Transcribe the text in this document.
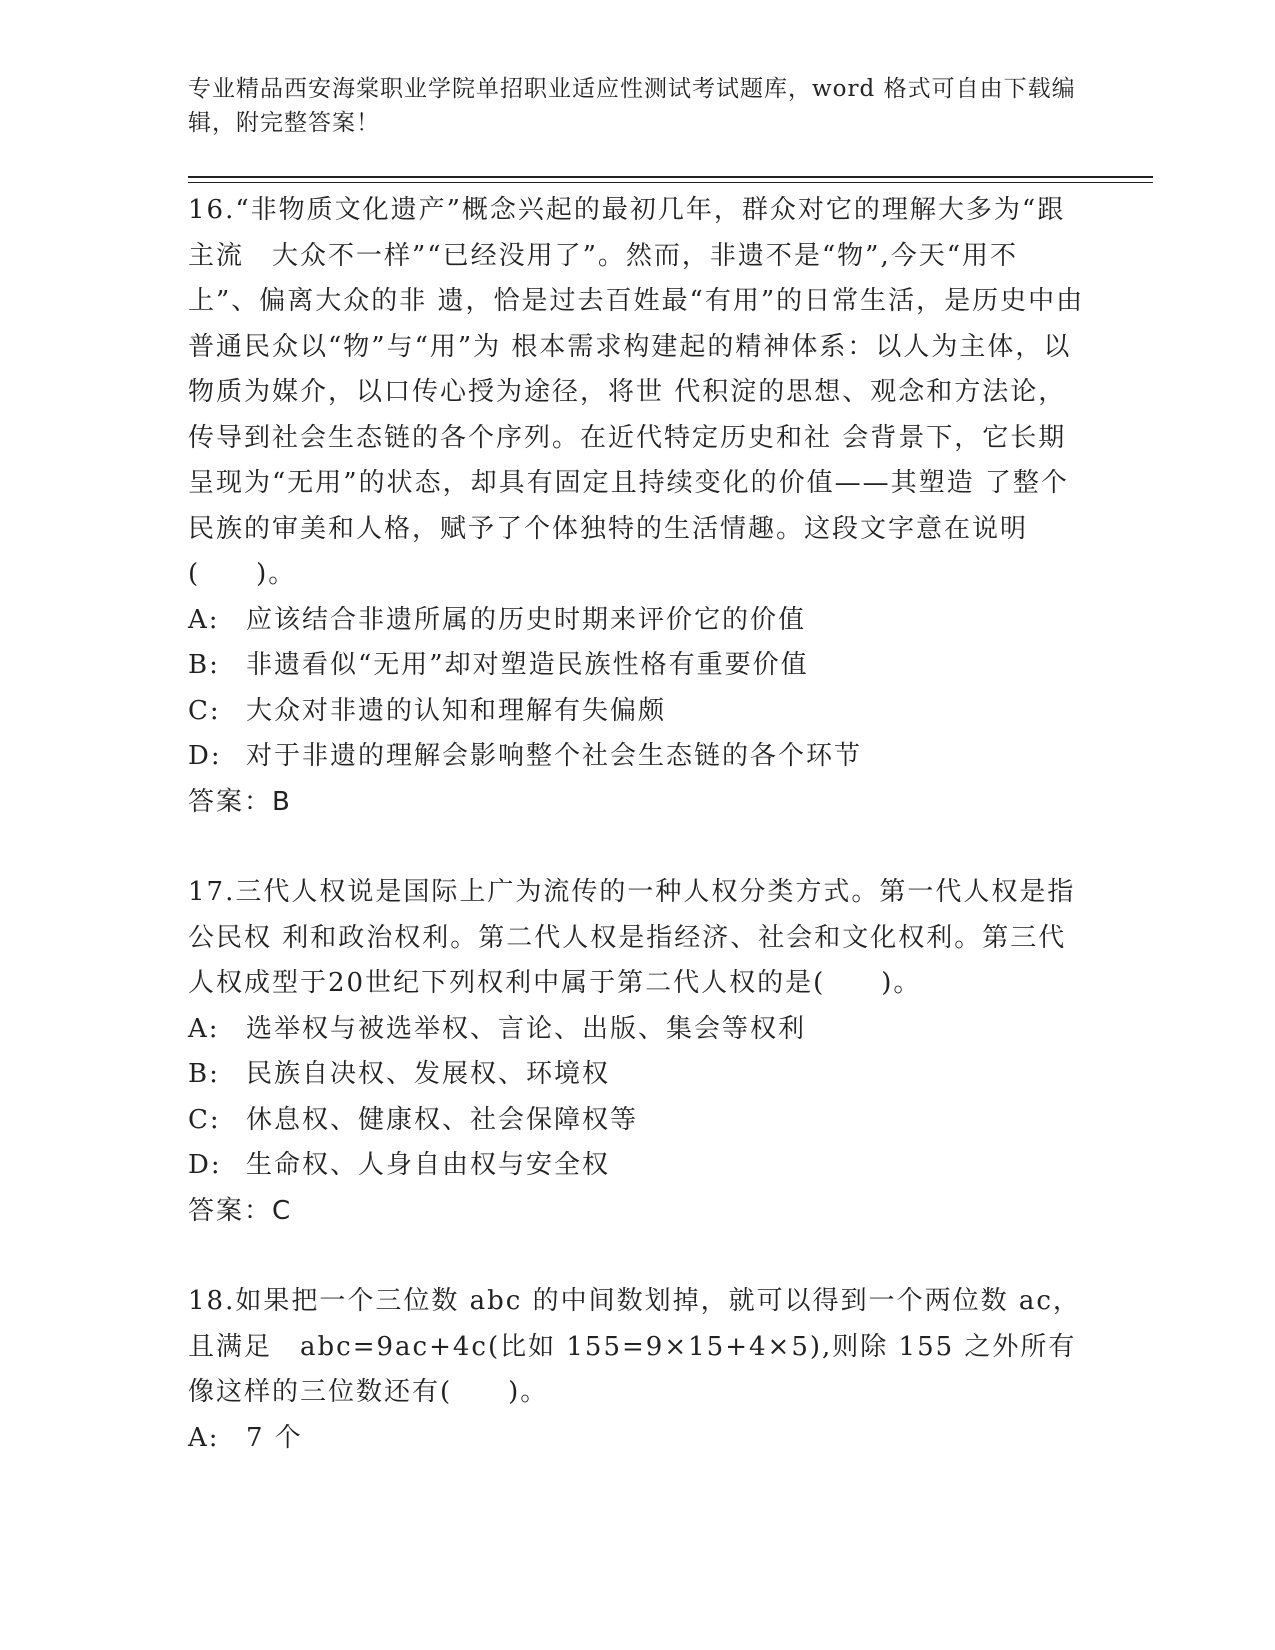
专业精品西安海棠职业学院单招职业适应性测试考试题库，word 格式可自由下载编辑，附完整答案！

16.“非物质文化遗产”概念兴起的最初几年，群众对它的理解大多为“跟主流　大众不一样”“已经没用了”。然而，非遗不是“物”,今天“用不上”、偏离大众的非 遗，恰是过去百姓最“有用”的日常生活，是历史中由普通民众以“物”与“用”为 根本需求构建起的精神体系：以人为主体，以物质为媒介，以口传心授为途径，将世 代积淀的思想、观念和方法论，传导到社会生态链的各个序列。在近代特定历史和社 会背景下，它长期呈现为“无用”的状态，却具有固定且持续变化的价值——其塑造 了整个民族的审美和人格，赋予了个体独特的生活情趣。这段文字意在说明(　　)。

A: 应该结合非遗所属的历史时期来评价它的价值

B: 非遗看似“无用”却对塑造民族性格有重要价值

C: 大众对非遗的认知和理解有失偏颇

D: 对于非遗的理解会影响整个社会生态链的各个环节

答案：B

17.三代人权说是国际上广为流传的一种人权分类方式。第一代人权是指公民权 利和政治权利。第二代人权是指经济、社会和文化权利。第三代人权成型于20世纪下列权利中属于第二代人权的是(　　)。

A: 选举权与被选举权、言论、出版、集会等权利

B: 民族自决权、发展权、环境权

C: 休息权、健康权、社会保障权等

D: 生命权、人身自由权与安全权

答案：C

18.如果把一个三位数 abc 的中间数划掉，就可以得到一个两位数 ac，且满足　abc=9ac+4c(比如 155=9×15+4×5),则除 155 之外所有像这样的三位数还有(　　)。

A: 7 个
